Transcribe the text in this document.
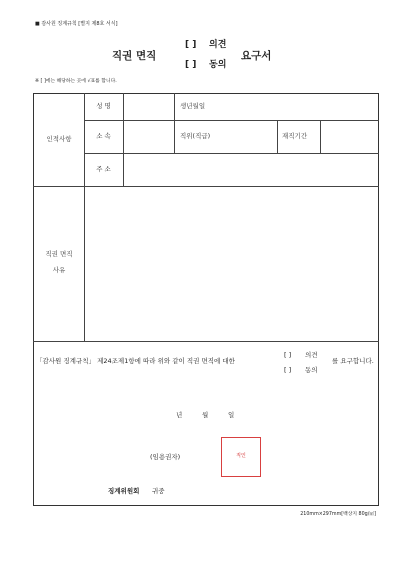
■ 감사원 징계규칙 [별지 제8호 서식]
직권 면직
[ ] 의견
[ ] 동의
요구서
※ [ ]에는 해당하는 곳에 √표를 합니다.
인적사항
성 명	생년월일
소 속	직위(직급)	재직기간
주 소
직권 면직
사유
「감사원 징계규칙」 제24조제1항에 따라 위와 같이 직권 면직에 대한
[ ] 의견
[ ] 동의
를 요구합니다.
년	월	일
(임용권자)	직인
징계위원회 귀중
210mm×297mm[백상지 80g/㎡]
